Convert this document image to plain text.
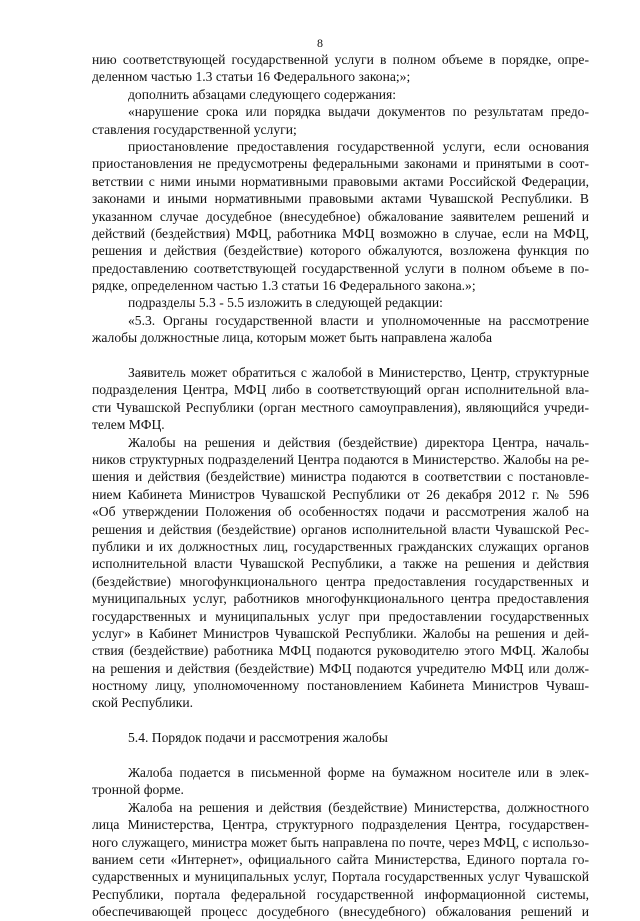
8
нию соответствующей государственной услуги в полном объеме в порядке, опре-
деленном частью 1.3 статьи 16 Федерального закона;»;
дополнить абзацами следующего содержания:
«нарушение срока или порядка выдачи документов по результатам предо-
ставления государственной услуги;
приостановление предоставления государственной услуги, если основания
приостановления не предусмотрены федеральными законами и принятыми в соот-
ветствии с ними иными нормативными правовыми актами Российской Федерации,
законами и иными нормативными правовыми актами Чувашской Республики. В
указанном случае досудебное (внесудебное) обжалование заявителем решений и
действий (бездействия) МФЦ, работника МФЦ возможно в случае, если на МФЦ,
решения и действия (бездействие) которого обжалуются, возложена функция по
предоставлению соответствующей государственной услуги в полном объеме в по-
рядке, определенном частью 1.3 статьи 16 Федерального закона.»;
подразделы 5.3 - 5.5 изложить в следующей редакции:
«5.3. Органы государственной власти и уполномоченные на рассмотрение
жалобы должностные лица, которым может быть направлена жалоба
Заявитель может обратиться с жалобой в Министерство, Центр, структурные
подразделения Центра, МФЦ либо в соответствующий орган исполнительной вла-
сти Чувашской Республики (орган местного самоуправления), являющийся учреди-
телем МФЦ.
Жалобы на решения и действия (бездействие) директора Центра, началь-
ников структурных подразделений Центра подаются в Министерство. Жалобы на ре-
шения и действия (бездействие) министра подаются в соответствии с постановле-
нием Кабинета Министров Чувашской Республики от 26 декабря 2012 г. № 596
«Об утверждении Положения об особенностях подачи и рассмотрения жалоб на
решения и действия (бездействие) органов исполнительной власти Чувашской Рес-
публики и их должностных лиц, государственных гражданских служащих органов
исполнительной власти Чувашской Республики, а также на решения и действия
(бездействие) многофункционального центра предоставления государственных и
муниципальных услуг, работников многофункционального центра предоставления
государственных и муниципальных услуг при предоставлении государственных
услуг» в Кабинет Министров Чувашской Республики. Жалобы на решения и дей-
ствия (бездействие) работника МФЦ подаются руководителю этого МФЦ. Жалобы
на решения и действия (бездействие) МФЦ подаются учредителю МФЦ или долж-
ностному лицу, уполномоченному постановлением Кабинета Министров Чуваш-
ской Республики.
5.4. Порядок подачи и рассмотрения жалобы
Жалоба подается в письменной форме на бумажном носителе или в элек-
тронной форме.
Жалоба на решения и действия (бездействие) Министерства, должностного
лица Министерства, Центра, структурного подразделения Центра, государствен-
ного служащего, министра может быть направлена по почте, через МФЦ, с использо-
ванием сети «Интернет», официального сайта Министерства, Единого портала го-
сударственных и муниципальных услуг, Портала государственных услуг Чувашской
Республики, портала федеральной государственной информационной системы,
обеспечивающей процесс досудебного (внесудебного) обжалования решений и
